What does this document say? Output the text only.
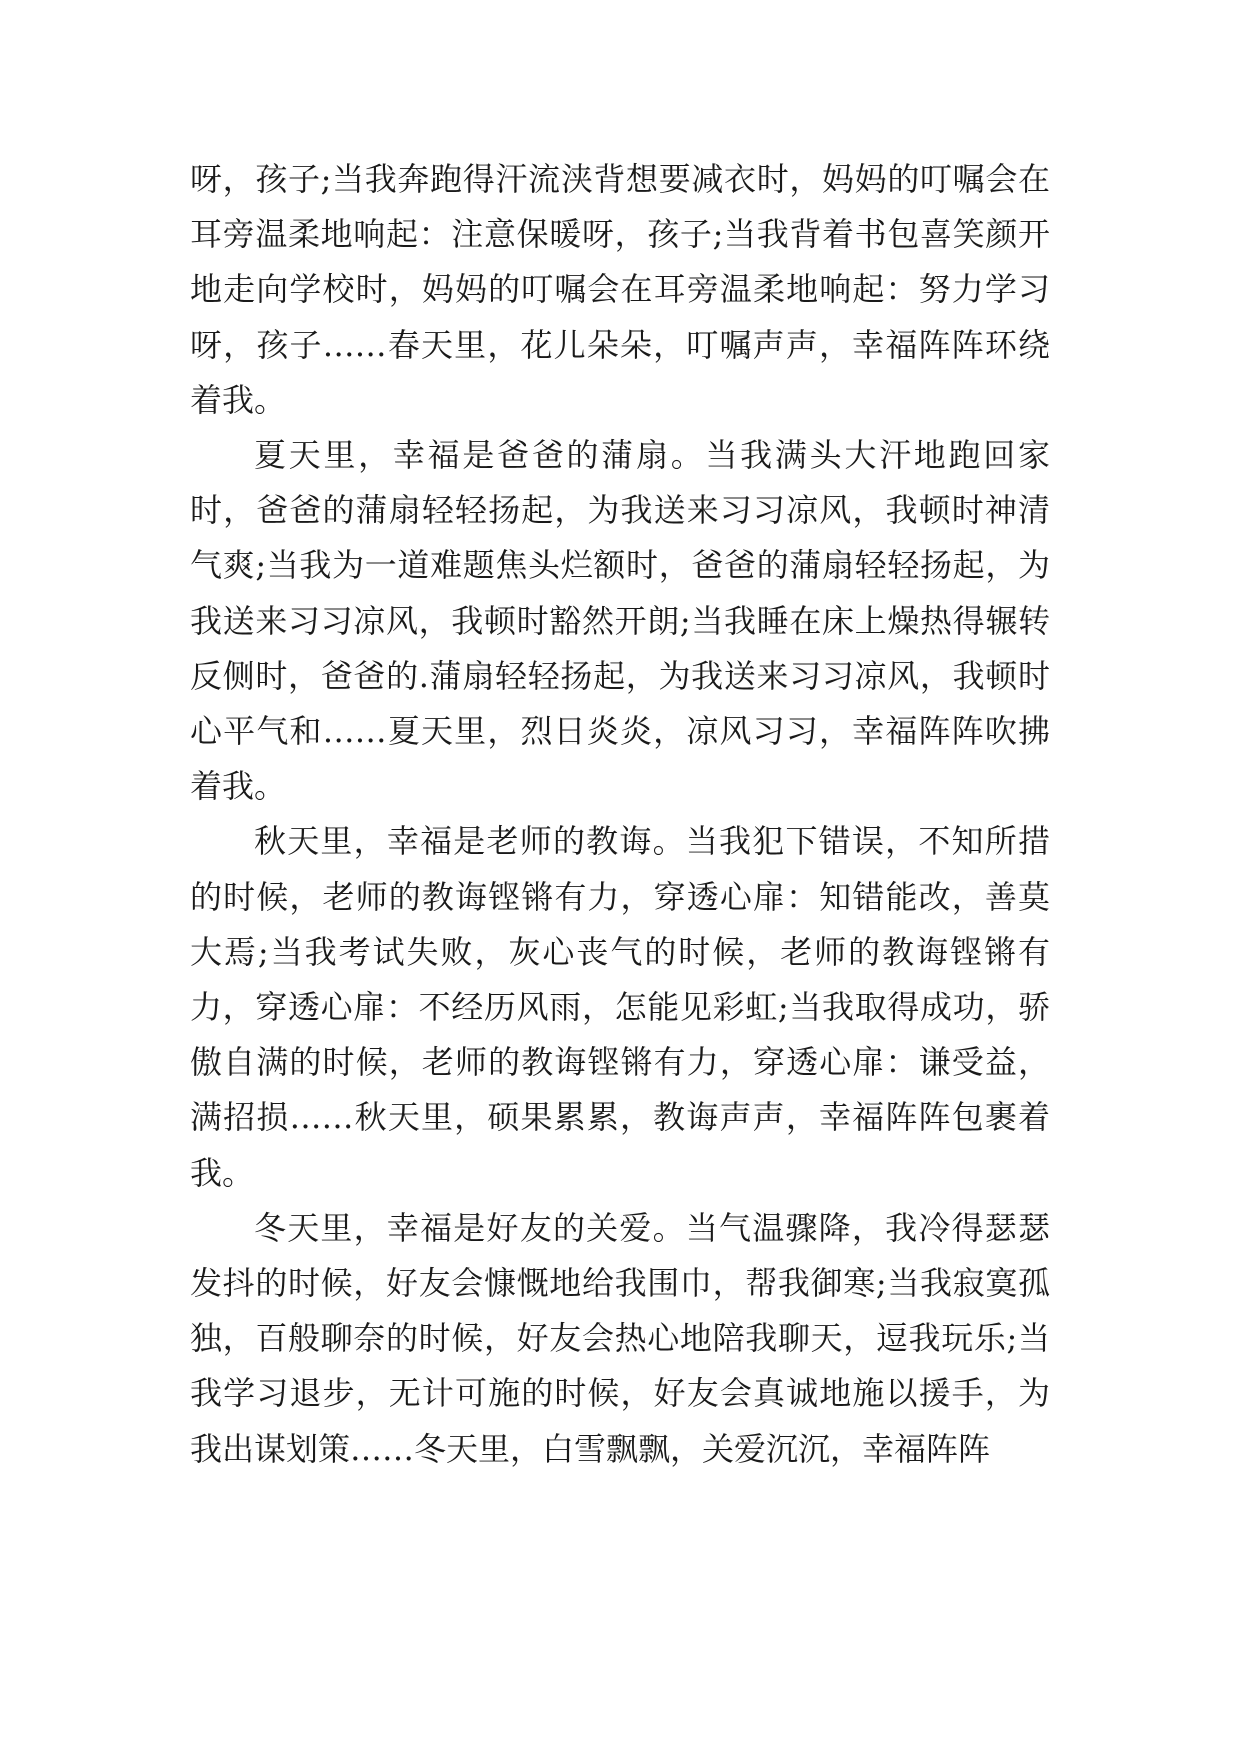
呀，孩子;当我奔跑得汗流浃背想要减衣时，妈妈的叮嘱会在耳旁温柔地响起：注意保暖呀，孩子;当我背着书包喜笑颜开地走向学校时，妈妈的叮嘱会在耳旁温柔地响起：努力学习呀，孩子……春天里，花儿朵朵，叮嘱声声，幸福阵阵环绕着我。

夏天里，幸福是爸爸的蒲扇。当我满头大汗地跑回家时，爸爸的蒲扇轻轻扬起，为我送来习习凉风，我顿时神清气爽;当我为一道难题焦头烂额时，爸爸的蒲扇轻轻扬起，为我送来习习凉风，我顿时豁然开朗;当我睡在床上燥热得辗转反侧时，爸爸的.蒲扇轻轻扬起，为我送来习习凉风，我顿时心平气和……夏天里，烈日炎炎，凉风习习，幸福阵阵吹拂着我。

秋天里，幸福是老师的教诲。当我犯下错误，不知所措的时候，老师的教诲铿锵有力，穿透心扉：知错能改，善莫大焉;当我考试失败，灰心丧气的时候，老师的教诲铿锵有力，穿透心扉：不经历风雨，怎能见彩虹;当我取得成功，骄傲自满的时候，老师的教诲铿锵有力，穿透心扉：谦受益，满招损……秋天里，硕果累累，教诲声声，幸福阵阵包裹着我。

冬天里，幸福是好友的关爱。当气温骤降，我冷得瑟瑟发抖的时候，好友会慷慨地给我围巾，帮我御寒;当我寂寞孤独，百般聊奈的时候，好友会热心地陪我聊天，逗我玩乐;当我学习退步，无计可施的时候，好友会真诚地施以援手，为我出谋划策……冬天里，白雪飘飘，关爱沉沉，幸福阵阵
